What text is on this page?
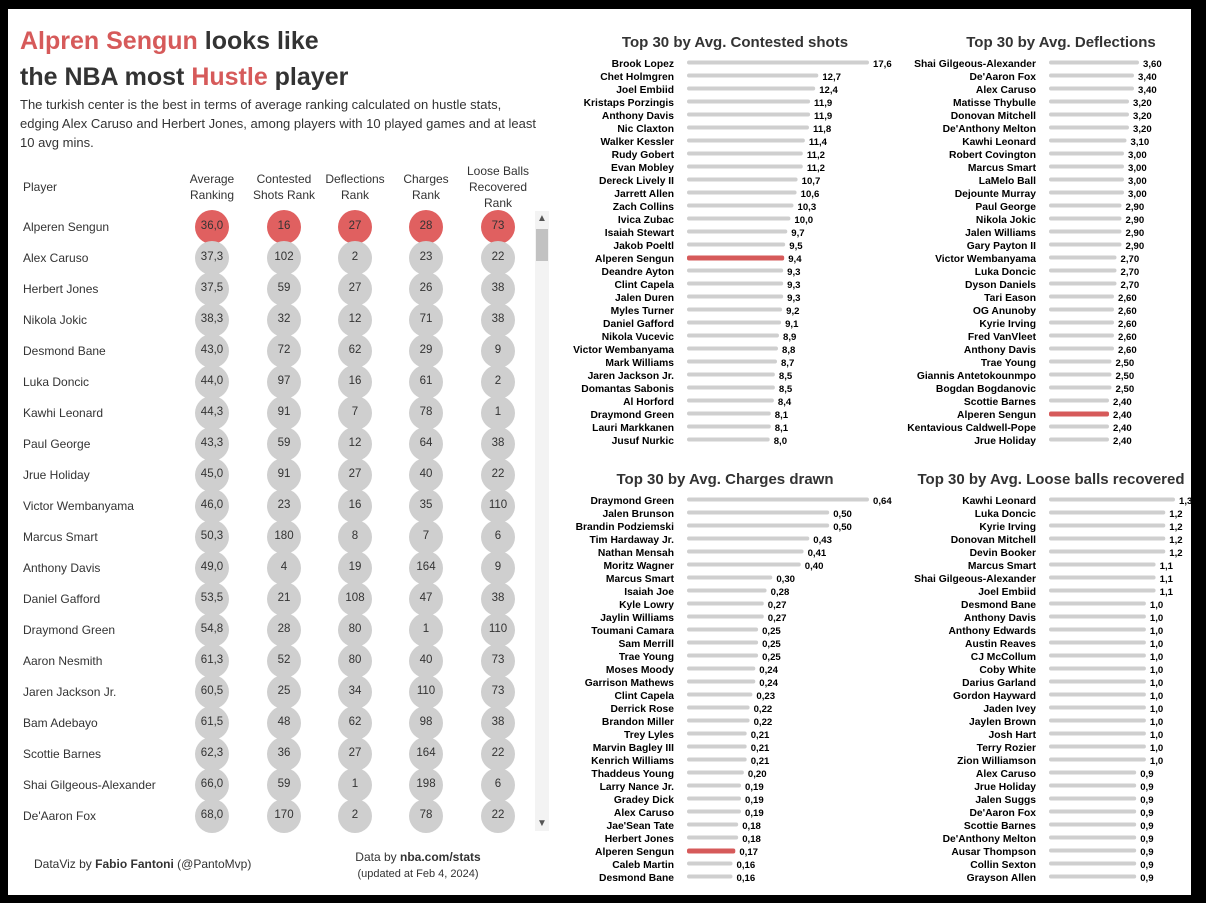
Alpren Sengun looks like
the NBA most Hustle player
The turkish center is the best in terms of average ranking calculated on hustle stats, edging Alex Caruso and Herbert Jones, among players with 10 played games and at least 10 avg mins.
Player
Average
Ranking
Contested
Shots Rank
Deflections
Rank
Charges
Rank
Loose Balls
Recovered
Rank
Alperen Sengun	36,0	16	27	28	73
Alex Caruso	37,3	102	2	23	22
Herbert Jones	37,5	59	27	26	38
Nikola Jokic	38,3	32	12	71	38
Desmond Bane	43,0	72	62	29	9
Luka Doncic	44,0	97	16	61	2
Kawhi Leonard	44,3	91	7	78	1
Paul George	43,3	59	12	64	38
Jrue Holiday	45,0	91	27	40	22
Victor Wembanyama	46,0	23	16	35	110
Marcus Smart	50,3	180	8	7	6
Anthony Davis	49,0	4	19	164	9
Daniel Gafford	53,5	21	108	47	38
Draymond Green	54,8	28	80	1	110
Aaron Nesmith	61,3	52	80	40	73
Jaren Jackson Jr.	60,5	25	34	110	73
Bam Adebayo	61,5	48	62	98	38
Scottie Barnes	62,3	36	27	164	22
Shai Gilgeous-Alexander	66,0	59	1	198	6
De'Aaron Fox	68,0	170	2	78	22
▲
▼
DataViz by Fabio Fantoni (@PantoMvp)	Data by nba.com/stats
(updated at Feb 4, 2024)
Top 30 by Avg. Contested shots
Brook Lopez	17,6
Chet Holmgren	12,7
Joel Embiid	12,4
Kristaps Porzingis	11,9
Anthony Davis	11,9
Nic Claxton	11,8
Walker Kessler	11,4
Rudy Gobert	11,2
Evan Mobley	11,2
Dereck Lively II	10,7
Jarrett Allen	10,6
Zach Collins	10,3
Ivica Zubac	10,0
Isaiah Stewart	9,7
Jakob Poeltl	9,5
Alperen Sengun	9,4
Deandre Ayton	9,3
Clint Capela	9,3
Jalen Duren	9,3
Myles Turner	9,2
Daniel Gafford	9,1
Nikola Vucevic	8,9
Victor Wembanyama	8,8
Mark Williams	8,7
Jaren Jackson Jr.	8,5
Domantas Sabonis	8,5
Al Horford	8,4
Draymond Green	8,1
Lauri Markkanen	8,1
Jusuf Nurkic	8,0
Top 30 by Avg. Deflections
Shai Gilgeous-Alexander	3,60
De'Aaron Fox	3,40
Alex Caruso	3,40
Matisse Thybulle	3,20
Donovan Mitchell	3,20
De'Anthony Melton	3,20
Kawhi Leonard	3,10
Robert Covington	3,00
Marcus Smart	3,00
LaMelo Ball	3,00
Dejounte Murray	3,00
Paul George	2,90
Nikola Jokic	2,90
Jalen Williams	2,90
Gary Payton II	2,90
Victor Wembanyama	2,70
Luka Doncic	2,70
Dyson Daniels	2,70
Tari Eason	2,60
OG Anunoby	2,60
Kyrie Irving	2,60
Fred VanVleet	2,60
Anthony Davis	2,60
Trae Young	2,50
Giannis Antetokounmpo	2,50
Bogdan Bogdanovic	2,50
Scottie Barnes	2,40
Alperen Sengun	2,40
Kentavious Caldwell-Pope	2,40
Jrue Holiday	2,40
Top 30 by Avg. Charges drawn
Draymond Green	0,64
Jalen Brunson	0,50
Brandin Podziemski	0,50
Tim Hardaway Jr.	0,43
Nathan Mensah	0,41
Moritz Wagner	0,40
Marcus Smart	0,30
Isaiah Joe	0,28
Kyle Lowry	0,27
Jaylin Williams	0,27
Toumani Camara	0,25
Sam Merrill	0,25
Trae Young	0,25
Moses Moody	0,24
Garrison Mathews	0,24
Clint Capela	0,23
Derrick Rose	0,22
Brandon Miller	0,22
Trey Lyles	0,21
Marvin Bagley III	0,21
Kenrich Williams	0,21
Thaddeus Young	0,20
Larry Nance Jr.	0,19
Gradey Dick	0,19
Alex Caruso	0,19
Jae'Sean Tate	0,18
Herbert Jones	0,18
Alperen Sengun	0,17
Caleb Martin	0,16
Desmond Bane	0,16
Top 30 by Avg. Loose balls recovered
Kawhi Leonard	1,3
Luka Doncic	1,2
Kyrie Irving	1,2
Donovan Mitchell	1,2
Devin Booker	1,2
Marcus Smart	1,1
Shai Gilgeous-Alexander	1,1
Joel Embiid	1,1
Desmond Bane	1,0
Anthony Davis	1,0
Anthony Edwards	1,0
Austin Reaves	1,0
CJ McCollum	1,0
Coby White	1,0
Darius Garland	1,0
Gordon Hayward	1,0
Jaden Ivey	1,0
Jaylen Brown	1,0
Josh Hart	1,0
Terry Rozier	1,0
Zion Williamson	1,0
Alex Caruso	0,9
Jrue Holiday	0,9
Jalen Suggs	0,9
De'Aaron Fox	0,9
Scottie Barnes	0,9
De'Anthony Melton	0,9
Ausar Thompson	0,9
Collin Sexton	0,9
Grayson Allen	0,9
